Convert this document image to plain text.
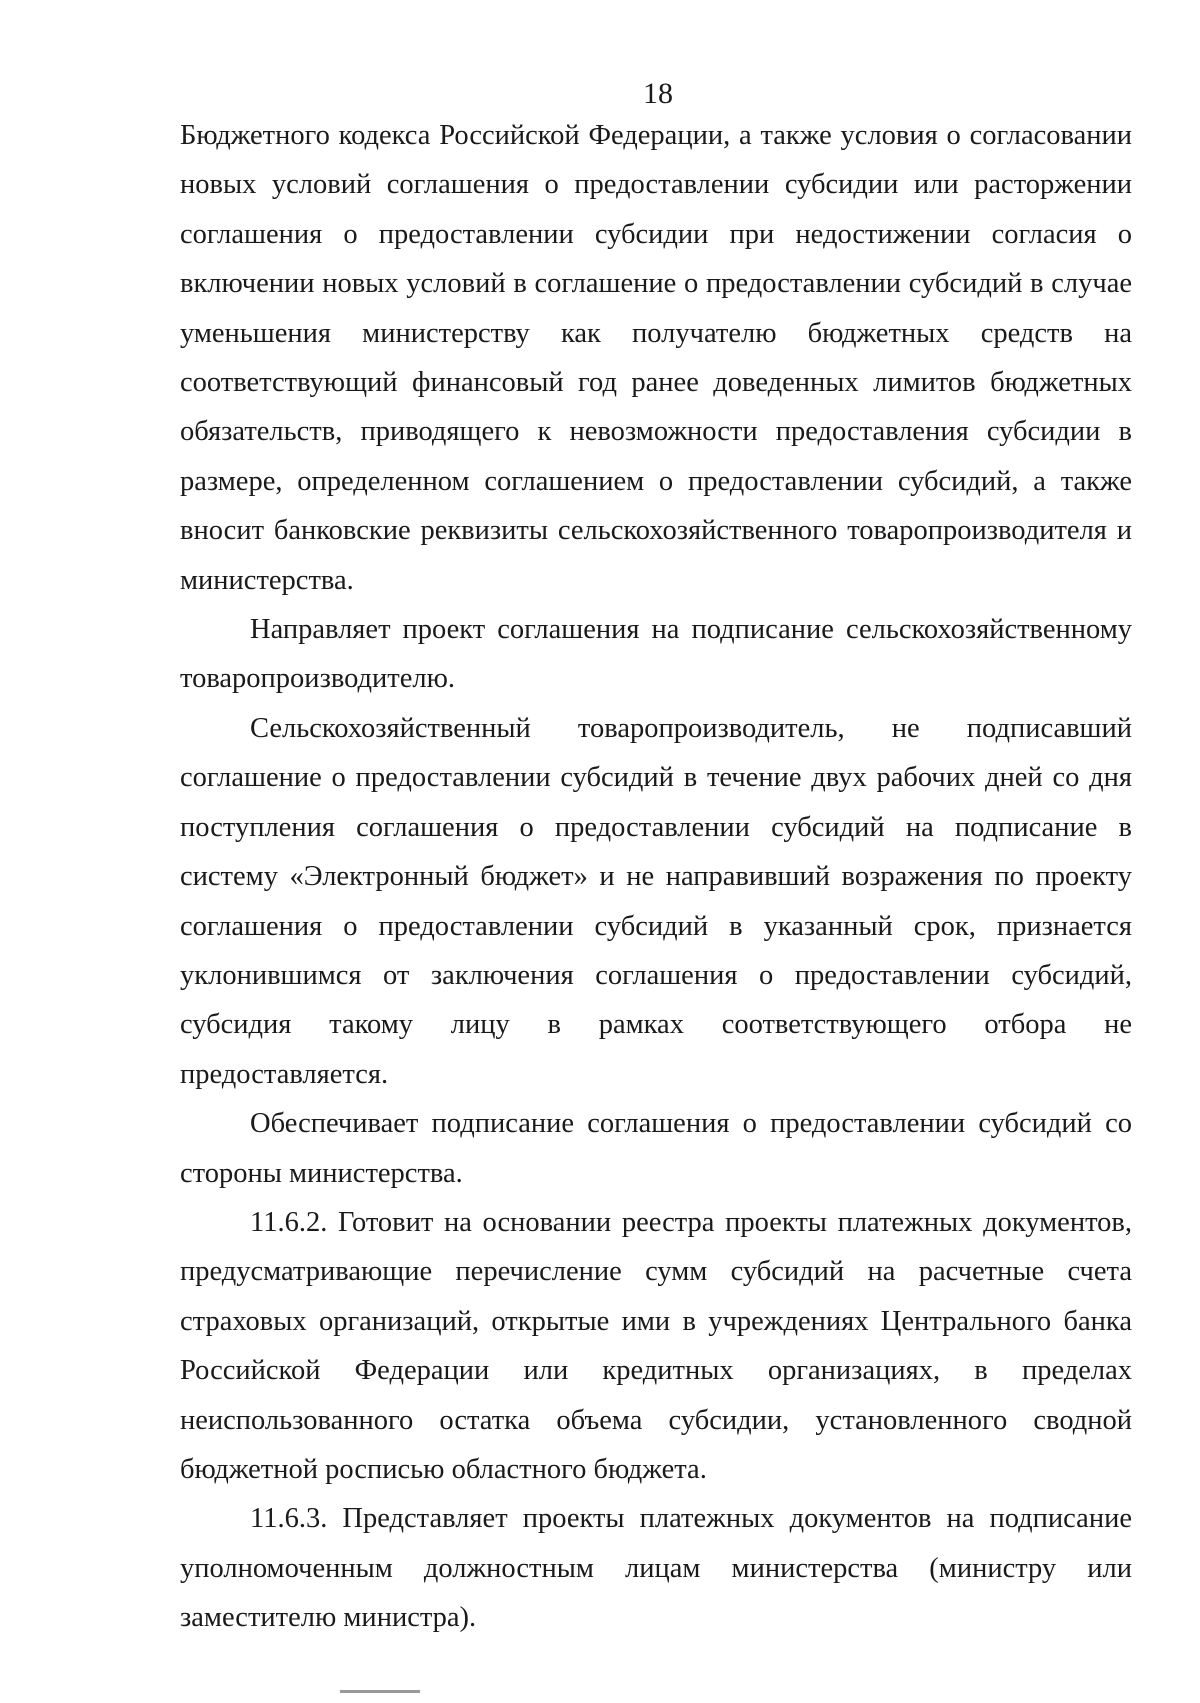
18

Бюджетного кодекса Российской Федерации, а также условия о согласовании новых условий соглашения о предоставлении субсидии или расторжении соглашения о предоставлении субсидии при недостижении согласия о включении новых условий в соглашение о предоставлении субсидий в случае уменьшения министерству как получателю бюджетных средств на соответствующий финансовый год ранее доведенных лимитов бюджетных обязательств, приводящего к невозможности предоставления субсидии в размере, определенном соглашением о предоставлении субсидий, а также вносит банковские реквизиты сельскохозяйственного товаропроизводителя и министерства.

Направляет проект соглашения на подписание сельскохозяйственному товаропроизводителю.

Сельскохозяйственный товаропроизводитель, не подписавший соглашение о предоставлении субсидий в течение двух рабочих дней со дня поступления соглашения о предоставлении субсидий на подписание в систему «Электронный бюджет» и не направивший возражения по проекту соглашения о предоставлении субсидий в указанный срок, признается уклонившимся от заключения соглашения о предоставлении субсидий, субсидия такому лицу в рамках соответствующего отбора не предоставляется.

Обеспечивает подписание соглашения о предоставлении субсидий со стороны министерства.

11.6.2. Готовит на основании реестра проекты платежных документов, предусматривающие перечисление сумм субсидий на расчетные счета страховых организаций, открытые ими в учреждениях Центрального банка Российской Федерации или кредитных организациях, в пределах неиспользованного остатка объема субсидии, установленного сводной бюджетной росписью областного бюджета.

11.6.3. Представляет проекты платежных документов на подписание уполномоченным должностным лицам министерства (министру или заместителю министра).
